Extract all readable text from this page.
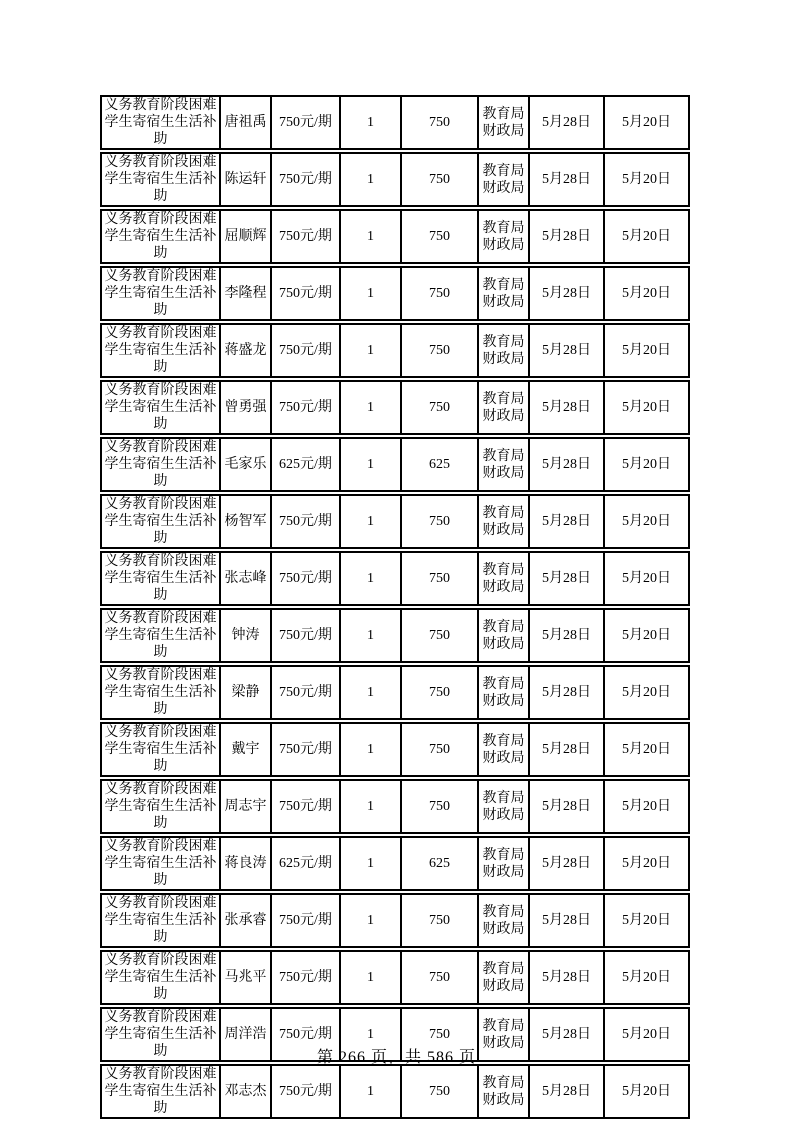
义务教育阶段困难学生寄宿生生活补助	唐祖禹	750元/期	1	750	教育局财政局	5月28日	5月20日
义务教育阶段困难学生寄宿生生活补助	陈运轩	750元/期	1	750	教育局财政局	5月28日	5月20日
义务教育阶段困难学生寄宿生生活补助	屈顺辉	750元/期	1	750	教育局财政局	5月28日	5月20日
义务教育阶段困难学生寄宿生生活补助	李隆程	750元/期	1	750	教育局财政局	5月28日	5月20日
义务教育阶段困难学生寄宿生生活补助	蒋盛龙	750元/期	1	750	教育局财政局	5月28日	5月20日
义务教育阶段困难学生寄宿生生活补助	曾勇强	750元/期	1	750	教育局财政局	5月28日	5月20日
义务教育阶段困难学生寄宿生生活补助	毛家乐	625元/期	1	625	教育局财政局	5月28日	5月20日
义务教育阶段困难学生寄宿生生活补助	杨智军	750元/期	1	750	教育局财政局	5月28日	5月20日
义务教育阶段困难学生寄宿生生活补助	张志峰	750元/期	1	750	教育局财政局	5月28日	5月20日
义务教育阶段困难学生寄宿生生活补助	钟涛	750元/期	1	750	教育局财政局	5月28日	5月20日
义务教育阶段困难学生寄宿生生活补助	梁静	750元/期	1	750	教育局财政局	5月28日	5月20日
义务教育阶段困难学生寄宿生生活补助	戴宇	750元/期	1	750	教育局财政局	5月28日	5月20日
义务教育阶段困难学生寄宿生生活补助	周志宇	750元/期	1	750	教育局财政局	5月28日	5月20日
义务教育阶段困难学生寄宿生生活补助	蒋良涛	625元/期	1	625	教育局财政局	5月28日	5月20日
义务教育阶段困难学生寄宿生生活补助	张承睿	750元/期	1	750	教育局财政局	5月28日	5月20日
义务教育阶段困难学生寄宿生生活补助	马兆平	750元/期	1	750	教育局财政局	5月28日	5月20日
义务教育阶段困难学生寄宿生生活补助	周洋浩	750元/期	1	750	教育局财政局	5月28日	5月20日
义务教育阶段困难学生寄宿生生活补助	邓志杰	750元/期	1	750	教育局财政局	5月28日	5月20日
第 266 页，共 586 页
